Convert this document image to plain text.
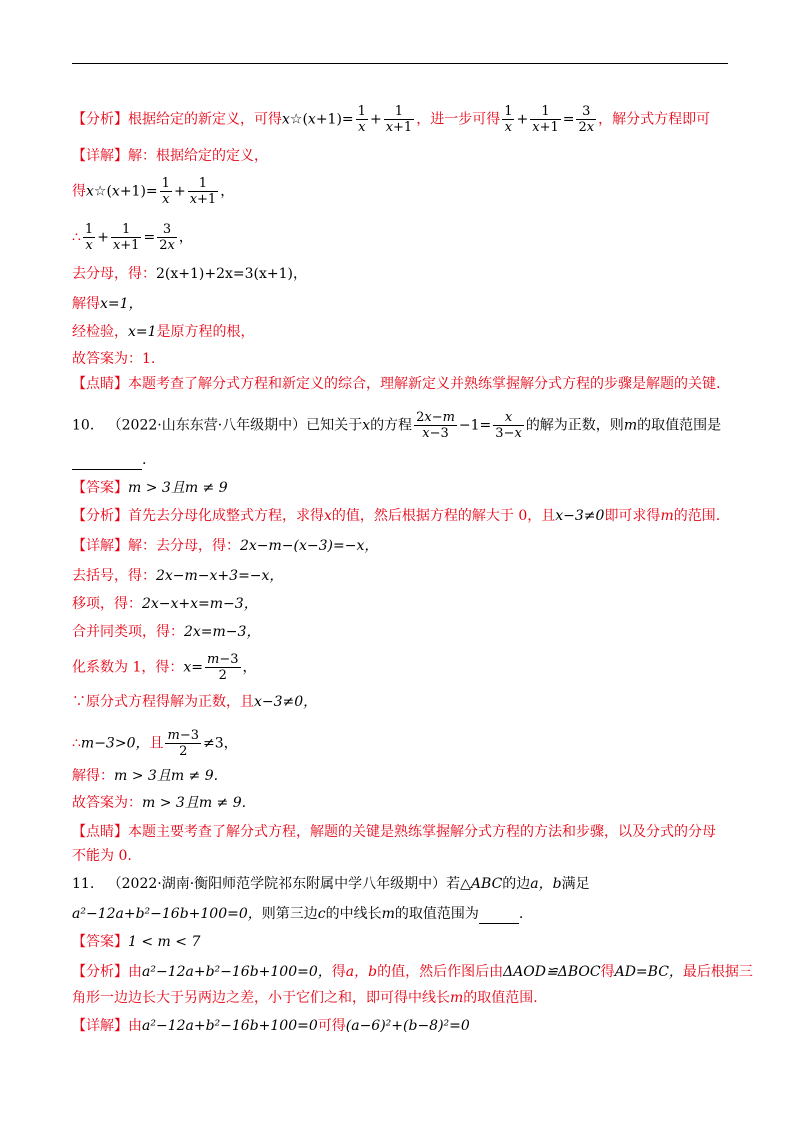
【分析】根据给定的新定义，可得x☆(x+1)= $\frac{1}{x} + \frac{1}{x+1}$ ，进一步可得 $\frac{1}{x} + \frac{1}{x+1} = \frac{3}{2x}$ ，解分式方程即可
【详解】解：根据给定的定义，
得x☆(x+1)= $\frac{1}{x} + \frac{1}{x+1}$ ，
∴ $\frac{1}{x} + \frac{1}{x+1} = \frac{3}{2x}$ ，
去分母，得：2(x+1)+2x=3(x+1)，
解得x=1，
经检验，x=1是原方程的根，
故答案为：1.
【点睛】本题考查了解分式方程和新定义的综合，理解新定义并熟练掌握解分式方程的步骤是解题的关键.
10. （2022·山东东营·八年级期中）已知关于x的方程 $\frac{2x-m}{x-3} -1= \frac{x}{3-x}$ 的解为正数，则m的取值范围是
.
【答案】m > 3且m ≠ 9
【分析】首先去分母化成整式方程，求得x的值，然后根据方程的解大于 0，且x−3≠0即可求得m的范围.
【详解】解：去分母，得：2x−m−(x−3)=−x，
去括号，得：2x−m−x+3=−x，
移项，得：2x−x+x=m−3，
合并同类项，得：2x=m−3，
化系数为 1，得：$x= \frac{m-3}{2}$ ，
∵原分式方程得解为正数，且x−3≠0，
∴m−3>0，且 $\frac{m-3}{2} \ne 3$，
解得：m > 3且m ≠ 9.
故答案为：m > 3且m ≠ 9.
【点睛】本题主要考查了解分式方程，解题的关键是熟练掌握解分式方程的方法和步骤，以及分式的分母
不能为 0.
11. （2022·湖南·衡阳师范学院祁东附属中学八年级期中）若△ABC的边a，b满足
a²−12a+b²−16b+100=0，则第三边c的中线长m的取值范围为	.
【答案】1 < m < 7
【分析】由a²−12a+b²−16b+100=0，得a，b的值，然后作图后由ΔAOD≌ΔBOC得AD=BC，最后根据三
角形一边边长大于另两边之差，小于它们之和，即可得中线长m的取值范围.
【详解】由a²−12a+b²−16b+100=0可得(a−6)²+(b−8)²=0
